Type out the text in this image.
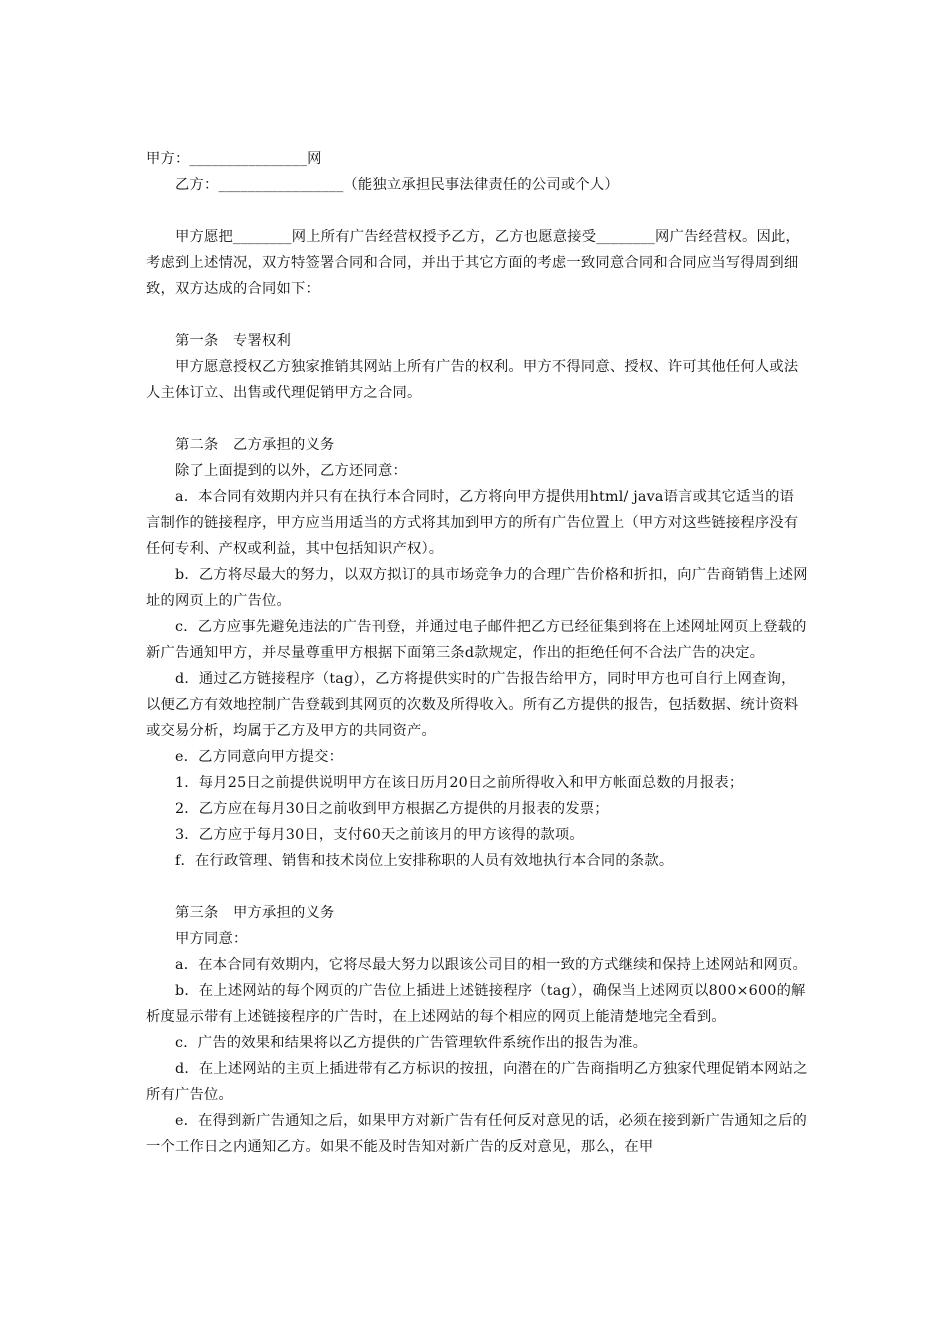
甲方：________________网

乙方：_________________（能独立承担民事法律责任的公司或个人）

甲方愿把________网上所有广告经营权授予乙方，乙方也愿意接受________网广告经营权。因此，考虑到上述情况，双方特签署合同和合同，并出于其它方面的考虑一致同意合同和合同应当写得周到细致，双方达成的合同如下：

第一条　专署权利

甲方愿意授权乙方独家推销其网站上所有广告的权利。甲方不得同意、授权、许可其他任何人或法人主体订立、出售或代理促销甲方之合同。

第二条　乙方承担的义务

除了上面提到的以外，乙方还同意：

a．本合同有效期内并只有在执行本合同时，乙方将向甲方提供用html/ java语言或其它适当的语言制作的链接程序，甲方应当用适当的方式将其加到甲方的所有广告位置上（甲方对这些链接程序没有任何专利、产权或利益，其中包括知识产权）。

b．乙方将尽最大的努力，以双方拟订的具市场竞争力的合理广告价格和折扣，向广告商销售上述网址的网页上的广告位。

c．乙方应事先避免违法的广告刊登，并通过电子邮件把乙方已经征集到将在上述网址网页上登载的新广告通知甲方，并尽量尊重甲方根据下面第三条d款规定，作出的拒绝任何不合法广告的决定。

d．通过乙方链接程序（tag），乙方将提供实时的广告报告给甲方，同时甲方也可自行上网查询，以便乙方有效地控制广告登载到其网页的次数及所得收入。所有乙方提供的报告，包括数据、统计资料或交易分析，均属于乙方及甲方的共同资产。

e．乙方同意向甲方提交：

1．每月25日之前提供说明甲方在该日历月20日之前所得收入和甲方帐面总数的月报表；

2．乙方应在每月30日之前收到甲方根据乙方提供的月报表的发票；

3．乙方应于每月30日，支付60天之前该月的甲方该得的款项。

f．在行政管理、销售和技术岗位上安排称职的人员有效地执行本合同的条款。

第三条　甲方承担的义务

甲方同意：

a．在本合同有效期内，它将尽最大努力以跟该公司目的相一致的方式继续和保持上述网站和网页。

b．在上述网站的每个网页的广告位上插进上述链接程序（tag），确保当上述网页以800×600的解析度显示带有上述链接程序的广告时，在上述网站的每个相应的网页上能清楚地完全看到。

c．广告的效果和结果将以乙方提供的广告管理软件系统作出的报告为准。

d．在上述网站的主页上插进带有乙方标识的按扭，向潜在的广告商指明乙方独家代理促销本网站之所有广告位。

e．在得到新广告通知之后，如果甲方对新广告有任何反对意见的话，必须在接到新广告通知之后的一个工作日之内通知乙方。如果不能及时告知对新广告的反对意见，那么，在甲
